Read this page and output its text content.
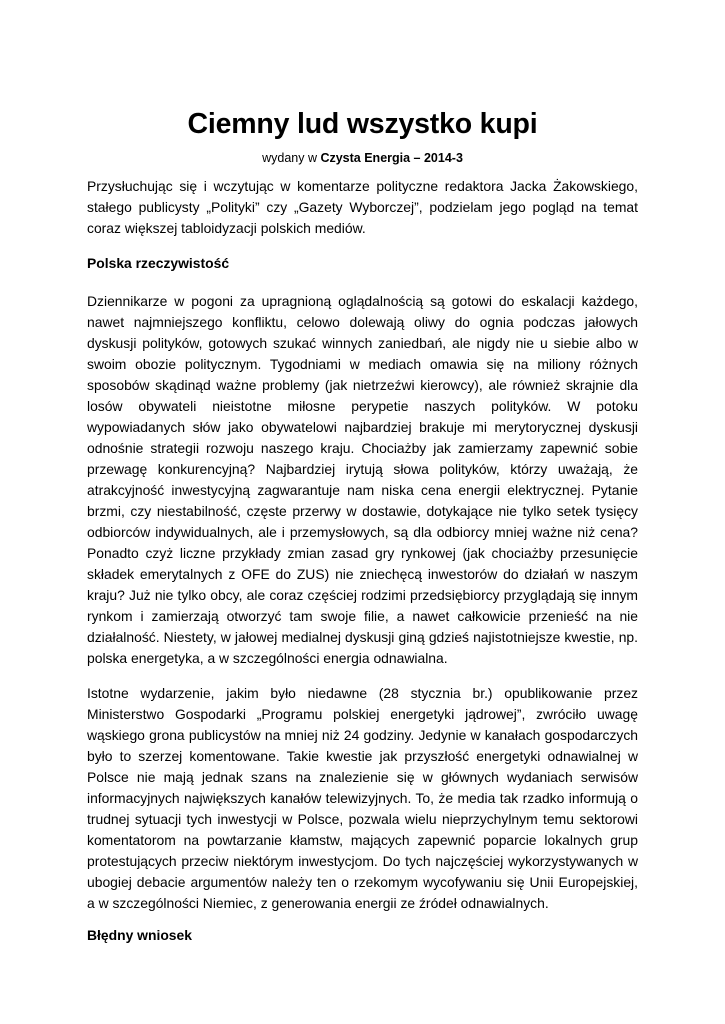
Ciemny lud wszystko kupi

wydany w Czysta Energia – 2014-3

Przysłuchując się i wczytując w komentarze polityczne redaktora Jacka Żakowskiego, stałego publicysty „Polityki” czy „Gazety Wyborczej”, podzielam jego pogląd na temat coraz większej tabloidyzacji polskich mediów.

Polska rzeczywistość

Dziennikarze w pogoni za upragnioną oglądalnością są gotowi do eskalacji każdego, nawet najmniejszego konfliktu, celowo dolewają oliwy do ognia podczas jałowych dyskusji polityków, gotowych szukać winnych zaniedbań, ale nigdy nie u siebie albo w swoim obozie politycznym. Tygodniami w mediach omawia się na miliony różnych sposobów skądinąd ważne problemy (jak nietrzeźwi kierowcy), ale również skrajnie dla losów obywateli nieistotne miłosne perypetie naszych polityków. W potoku wypowiadanych słów jako obywatelowi najbardziej brakuje mi merytorycznej dyskusji odnośnie strategii rozwoju naszego kraju. Chociażby jak zamierzamy zapewnić sobie przewagę konkurencyjną? Najbardziej irytują słowa polityków, którzy uważają, że atrakcyjność inwestycyjną zagwarantuje nam niska cena energii elektrycznej. Pytanie brzmi, czy niestabilność, częste przerwy w dostawie, dotykające nie tylko setek tysięcy odbiorców indywidualnych, ale i przemysłowych, są dla odbiorcy mniej ważne niż cena? Ponadto czyż liczne przykłady zmian zasad gry rynkowej (jak chociażby przesunięcie składek emerytalnych z OFE do ZUS) nie zniechęcą inwestorów do działań w naszym kraju? Już nie tylko obcy, ale coraz częściej rodzimi przedsiębiorcy przyglądają się innym rynkom i zamierzają otworzyć tam swoje filie, a nawet całkowicie przenieść na nie działalność. Niestety, w jałowej medialnej dyskusji giną gdzieś najistotniejsze kwestie, np. polska energetyka, a w szczególności energia odnawialna.

Istotne wydarzenie, jakim było niedawne (28 stycznia br.) opublikowanie przez Ministerstwo Gospodarki „Programu polskiej energetyki jądrowej”, zwróciło uwagę wąskiego grona publicystów na mniej niż 24 godziny. Jedynie w kanałach gospodarczych było to szerzej komentowane. Takie kwestie jak przyszłość energetyki odnawialnej w Polsce nie mają jednak szans na znalezienie się w głównych wydaniach serwisów informacyjnych największych kanałów telewizyjnych. To, że media tak rzadko informują o trudnej sytuacji tych inwestycji w Polsce, pozwala wielu nieprzychylnym temu sektorowi komentatorom na powtarzanie kłamstw, mających zapewnić poparcie lokalnych grup protestujących przeciw niektórym inwestycjom. Do tych najczęściej wykorzystywanych w ubogiej debacie argumentów należy ten o rzekomym wycofywaniu się Unii Europejskiej, a w szczególności Niemiec, z generowania energii ze źródeł odnawialnych.

Błędny wniosek
